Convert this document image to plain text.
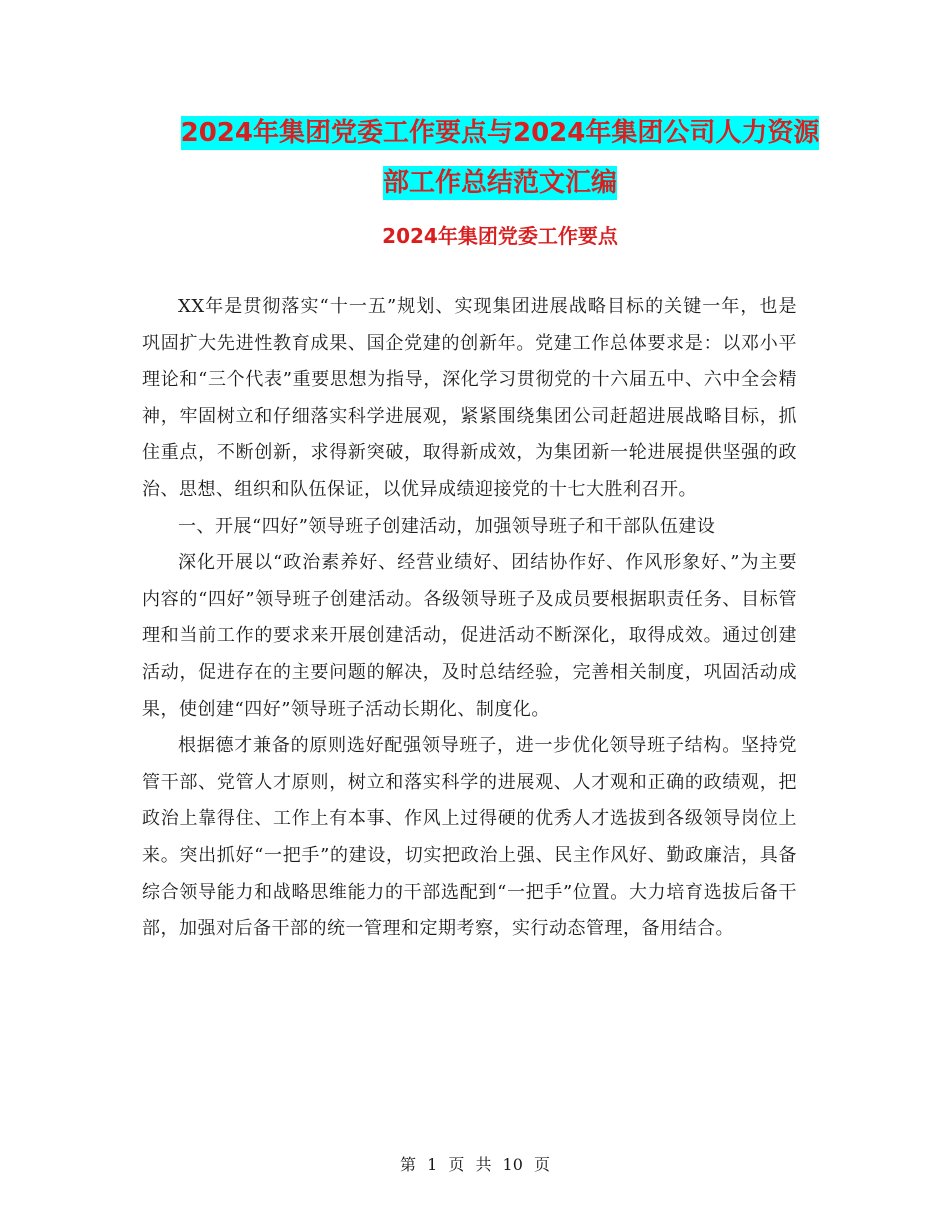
2024年集团党委工作要点与2024年集团公司人力资源
部工作总结范文汇编
2024年集团党委工作要点

XX年是贯彻落实“十一五”规划、实现集团进展战略目标的关键一年，也是巩固扩大先进性教育成果、国企党建的创新年。党建工作总体要求是：以邓小平理论和“三个代表”重要思想为指导，深化学习贯彻党的十六届五中、六中全会精神，牢固树立和仔细落实科学进展观，紧紧围绕集团公司赶超进展战略目标，抓住重点，不断创新，求得新突破，取得新成效，为集团新一轮进展提供坚强的政治、思想、组织和队伍保证，以优异成绩迎接党的十七大胜利召开。

一、开展“四好”领导班子创建活动，加强领导班子和干部队伍建设

深化开展以“政治素养好、经营业绩好、团结协作好、作风形象好、”为主要内容的“四好”领导班子创建活动。各级领导班子及成员要根据职责任务、目标管理和当前工作的要求来开展创建活动，促进活动不断深化，取得成效。通过创建活动，促进存在的主要问题的解决，及时总结经验，完善相关制度，巩固活动成果，使创建“四好”领导班子活动长期化、制度化。

根据德才兼备的原则选好配强领导班子，进一步优化领导班子结构。坚持党管干部、党管人才原则，树立和落实科学的进展观、人才观和正确的政绩观，把政治上靠得住、工作上有本事、作风上过得硬的优秀人才选拔到各级领导岗位上来。突出抓好“一把手”的建设，切实把政治上强、民主作风好、勤政廉洁，具备综合领导能力和战略思维能力的干部选配到“一把手”位置。大力培育选拔后备干部，加强对后备干部的统一管理和定期考察，实行动态管理，备用结合。

第 1 页 共 10 页
